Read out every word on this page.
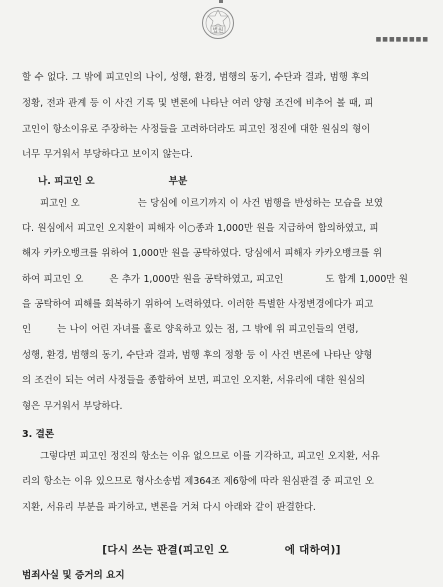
법원
■■■■■■■■
할 수 없다. 그 밖에 피고인의 나이, 성행, 환경, 범행의 동기, 수단과 결과, 범행 후의
정황, 전과 관계 등 이 사건 기록 및 변론에 나타난 여러 양형 조건에 비추어 볼 때, 피
고인이 항소이유로 주장하는 사정들을 고려하더라도 피고인 정진에 대한 원심의 형이
너무 무거워서 부당하다고 보이지 않는다.
나. 피고인 오	부분
피고인 오	는 당심에 이르기까지 이 사건 범행을 반성하는 모습을 보였
다. 원심에서 피고인 오지환이 피해자 이○종과 1,000만 원을 지급하여 합의하였고, 피
해자 카카오뱅크를 위하여 1,000만 원을 공탁하였다. 당심에서 피해자 카카오뱅크를 위
하여 피고인 오	은 추가 1,000만 원을 공탁하였고, 피고인	도 합계 1,000만 원
을 공탁하여 피해를 회복하기 위하여 노력하였다. 이러한 특별한 사정변경에다가 피고
인	는 나이 어린 자녀를 홀로 양육하고 있는 점, 그 밖에 위 피고인들의 연령,
성행, 환경, 범행의 동기, 수단과 결과, 범행 후의 정황 등 이 사건 변론에 나타난 양형
의 조건이 되는 여러 사정들을 종합하여 보면, 피고인 오지환, 서유리에 대한 원심의
형은 무거워서 부당하다.
3. 결론
그렇다면 피고인 정진의 항소는 이유 없으므로 이를 기각하고, 피고인 오지환, 서유
리의 항소는 이유 있으므로 형사소송법 제364조 제6항에 따라 원심판결 중 피고인 오
지환, 서유리 부분을 파기하고, 변론을 거쳐 다시 아래와 같이 판결한다.
[다시 쓰는 판결(피고인 오	에 대하여)]
범죄사실 및 증거의 요지
